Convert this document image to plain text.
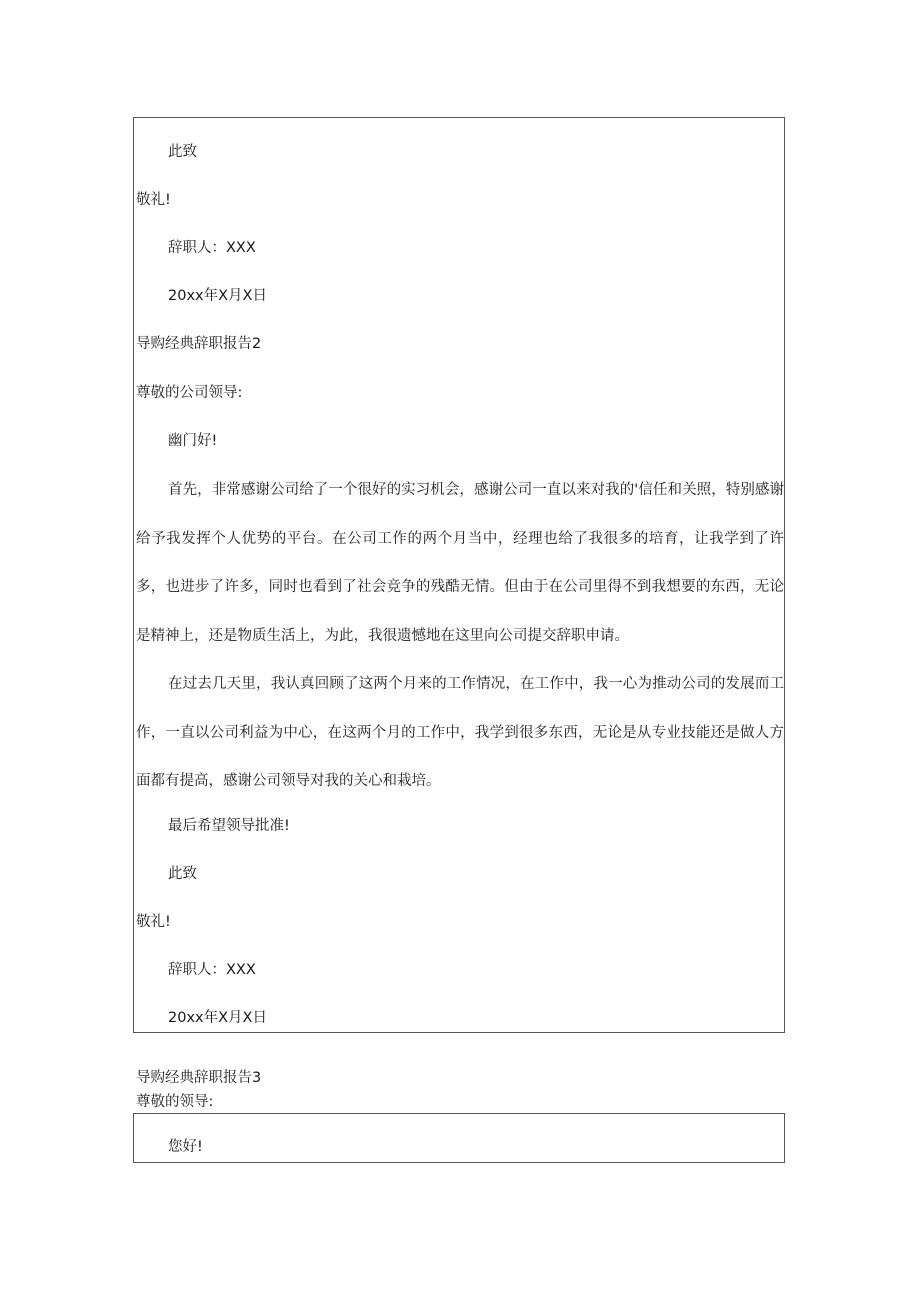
此致
敬礼!
辞职人：XXX
20xx年X月X日
导购经典辞职报告2
尊敬的公司领导:
幽门好!

首先，非常感谢公司给了一个很好的实习机会，感谢公司一直以来对我的'信任和关照，特别感谢给予我发挥个人优势的平台。在公司工作的两个月当中，经理也给了我很多的培育，让我学到了许多，也进步了许多，同时也看到了社会竞争的残酷无情。但由于在公司里得不到我想要的东西，无论是精神上，还是物质生活上，为此，我很遗憾地在这里向公司提交辞职申请。

在过去几天里，我认真回顾了这两个月来的工作情况，在工作中，我一心为推动公司的发展而工作，一直以公司利益为中心，在这两个月的工作中，我学到很多东西，无论是从专业技能还是做人方面都有提高，感谢公司领导对我的关心和栽培。

最后希望领导批准!
此致
敬礼!
辞职人：XXX
20xx年X月X日
导购经典辞职报告3
尊敬的领导:
您好!
